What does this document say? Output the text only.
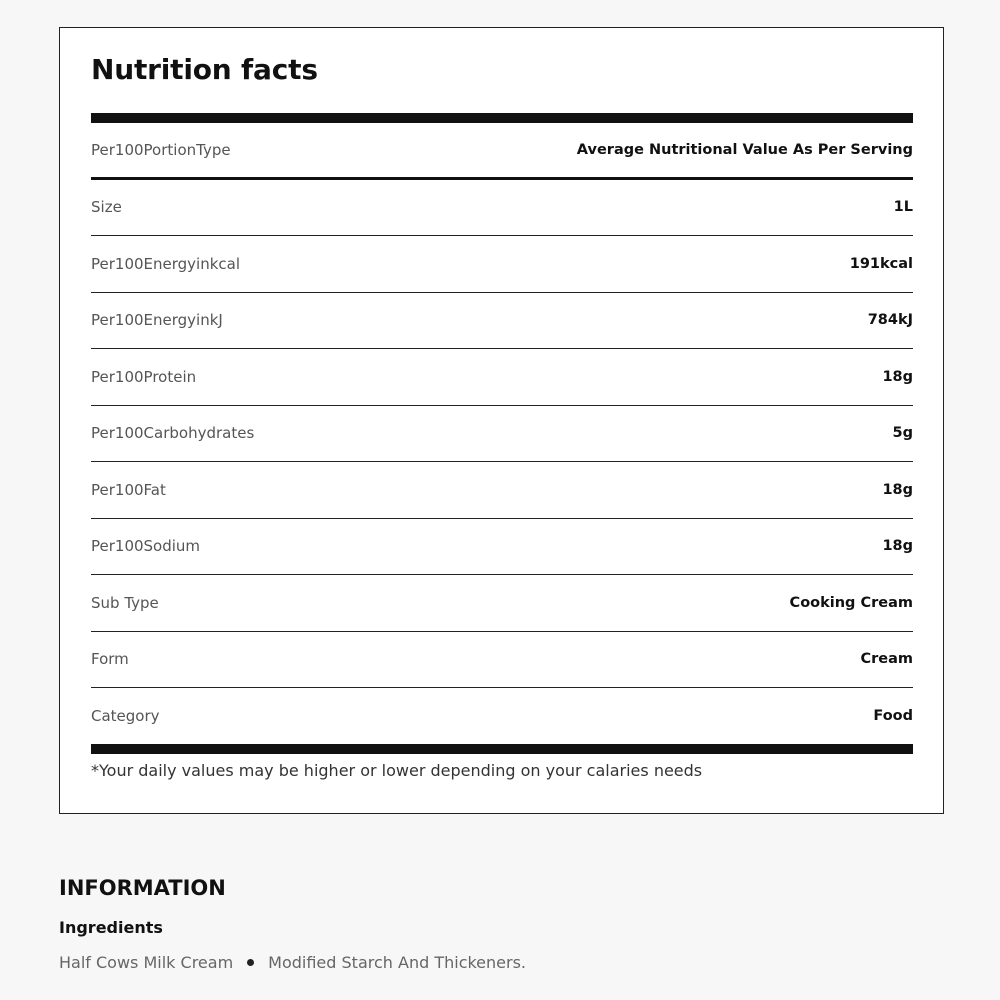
Nutrition facts
Per100PortionType	Average Nutritional Value As Per Serving
Size	1L
Per100Energyinkcal	191kcal
Per100EnergyinkJ	784kJ
Per100Protein	18g
Per100Carbohydrates	5g
Per100Fat	18g
Per100Sodium	18g
Sub Type	Cooking Cream
Form	Cream
Category	Food
*Your daily values may be higher or lower depending on your calaries needs
INFORMATION
Ingredients
Half Cows Milk Cream Modified Starch And Thickeners.
